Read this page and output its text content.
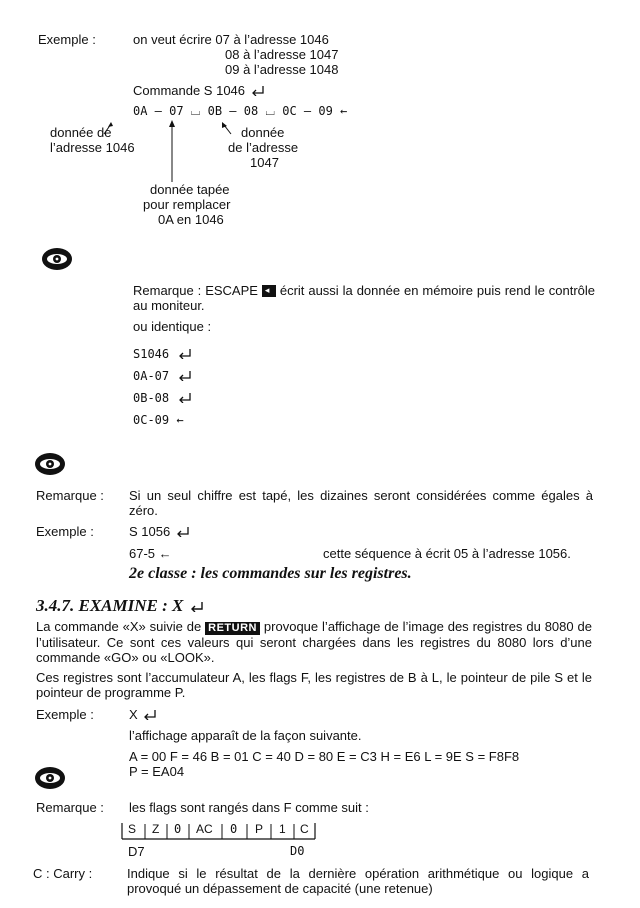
Exemple :	on veut écrire 07 à l’adresse 1046
08 à l’adresse 1047
09 à l’adresse 1048
Commande S 1046
0A – 07 ⌴ 0B – 08 ⌴ 0C – 09 ←
donnée de
l’adresse 1046
donnée
de l’adresse
1047
donnée tapée
pour remplacer
0A en 1046
Remarque : ESCAPE ◂ écrit aussi la donnée en mémoire puis rend le contrôle au moniteur.
ou identique :
S1046
0A-07
0B-08
0C-09 ←
Remarque : Si un seul chiffre est tapé, les dizaines seront considérées comme égales à zéro.
Exemple :	S 1056
67-5 ←	cette séquence à écrit 05 à l’adresse 1056.
2e classe : les commandes sur les registres.
3.4.7. EXAMINE : X
La commande «X» suivie de RETURN provoque l’affichage de l’image des registres du 8080 de l’utilisateur. Ce sont ces valeurs qui seront chargées dans les registres du 8080 lors d’une commande «GO» ou «LOOK».
Ces registres sont l’accumulateur A, les flags F, les registres de B à L, le pointeur de pile S et le pointeur de programme P.
Exemple :	X
l’affichage apparaît de la façon suivante.
A = 00 F = 46 B = 01 C = 40 D = 80 E = C3 H = E6 L = 9E S = F8F8
P = EA04
Remarque : les flags sont rangés dans F comme suit :
S Z 0 AC 0 P 1 C
D7	D0
C : Carry :	Indique si le résultat de la dernière opération arithmétique ou logique a provoqué un dépassement de capacité (une retenue)
